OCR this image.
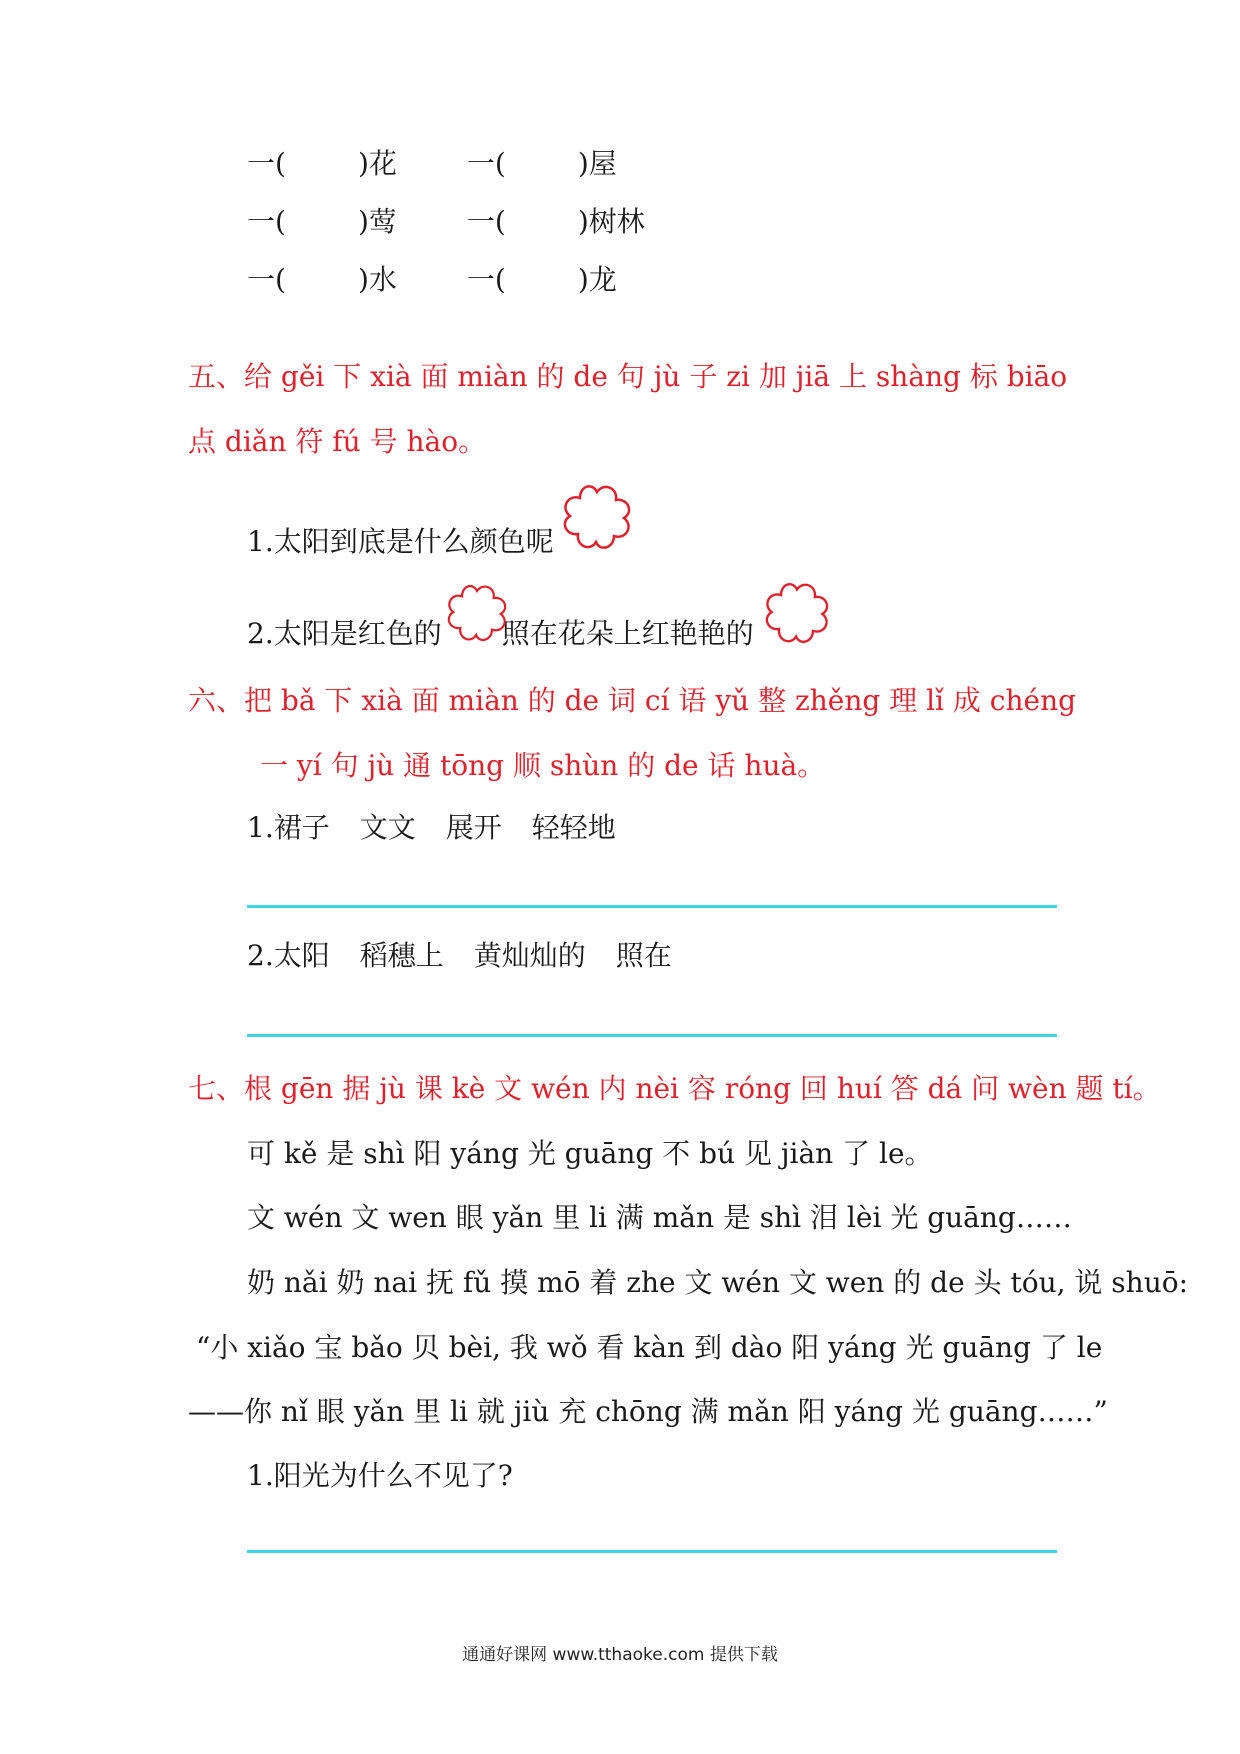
一(	)花	一(	)屋
一(	)莺	一(	)树林
一(	)水	一(	)龙
五、给 gěi 下 xià 面 miàn 的 de 句 jù 子 zi 加 jiā 上 shàng 标 biāo
点 diǎn 符 fú 号 hào。
1.太阳到底是什么颜色呢
2.太阳是红色的 照在花朵上红艳艳的
六、把 bǎ 下 xià 面 miàn 的 de 词 cí 语 yǔ 整 zhěng 理 lǐ 成 chéng
一 yí 句 jù 通 tōng 顺 shùn 的 de 话 huà。
1.裙子 文文 展开 轻轻地
2.太阳 稻穗上 黄灿灿的 照在
七、根 gēn 据 jù 课 kè 文 wén 内 nèi 容 róng 回 huí 答 dá 问 wèn 题 tí。
可 kě 是 shì 阳 yáng 光 guāng 不 bú 见 jiàn 了 le。
文 wén 文 wen 眼 yǎn 里 li 满 mǎn 是 shì 泪 lèi 光 guāng……
奶 nǎi 奶 nai 抚 fǔ 摸 mō 着 zhe 文 wén 文 wen 的 de 头 tóu, 说 shuō:
“小 xiǎo 宝 bǎo 贝 bèi, 我 wǒ 看 kàn 到 dào 阳 yáng 光 guāng 了 le
——你 nǐ 眼 yǎn 里 li 就 jiù 充 chōng 满 mǎn 阳 yáng 光 guāng……”
1.阳光为什么不见了?
通通好课网 www.tthaoke.com 提供下载
